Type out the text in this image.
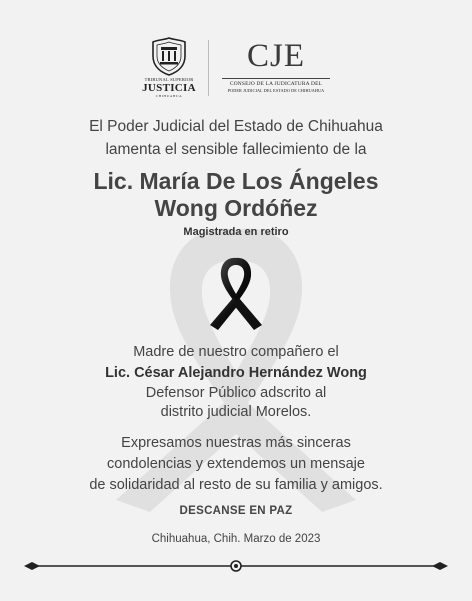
TRIBUNAL SUPERIOR
JUSTICIA
CHIHUAHUA
CJE
CONSEJO DE LA JUDICATURA DEL
PODER JUDICIAL DEL ESTADO DE CHIHUAHUA
El Poder Judicial del Estado de Chihuahua
lamenta el sensible fallecimiento de la
Lic. María De Los Ángeles
Wong Ordóñez
Magistrada en retiro
Madre de nuestro compañero el
Lic. César Alejandro Hernández Wong
Defensor Público adscrito al
distrito judicial Morelos.
Expresamos nuestras más sinceras
condolencias y extendemos un mensaje
de solidaridad al resto de su familia y amigos.
DESCANSE EN PAZ
Chihuahua, Chih. Marzo de 2023
